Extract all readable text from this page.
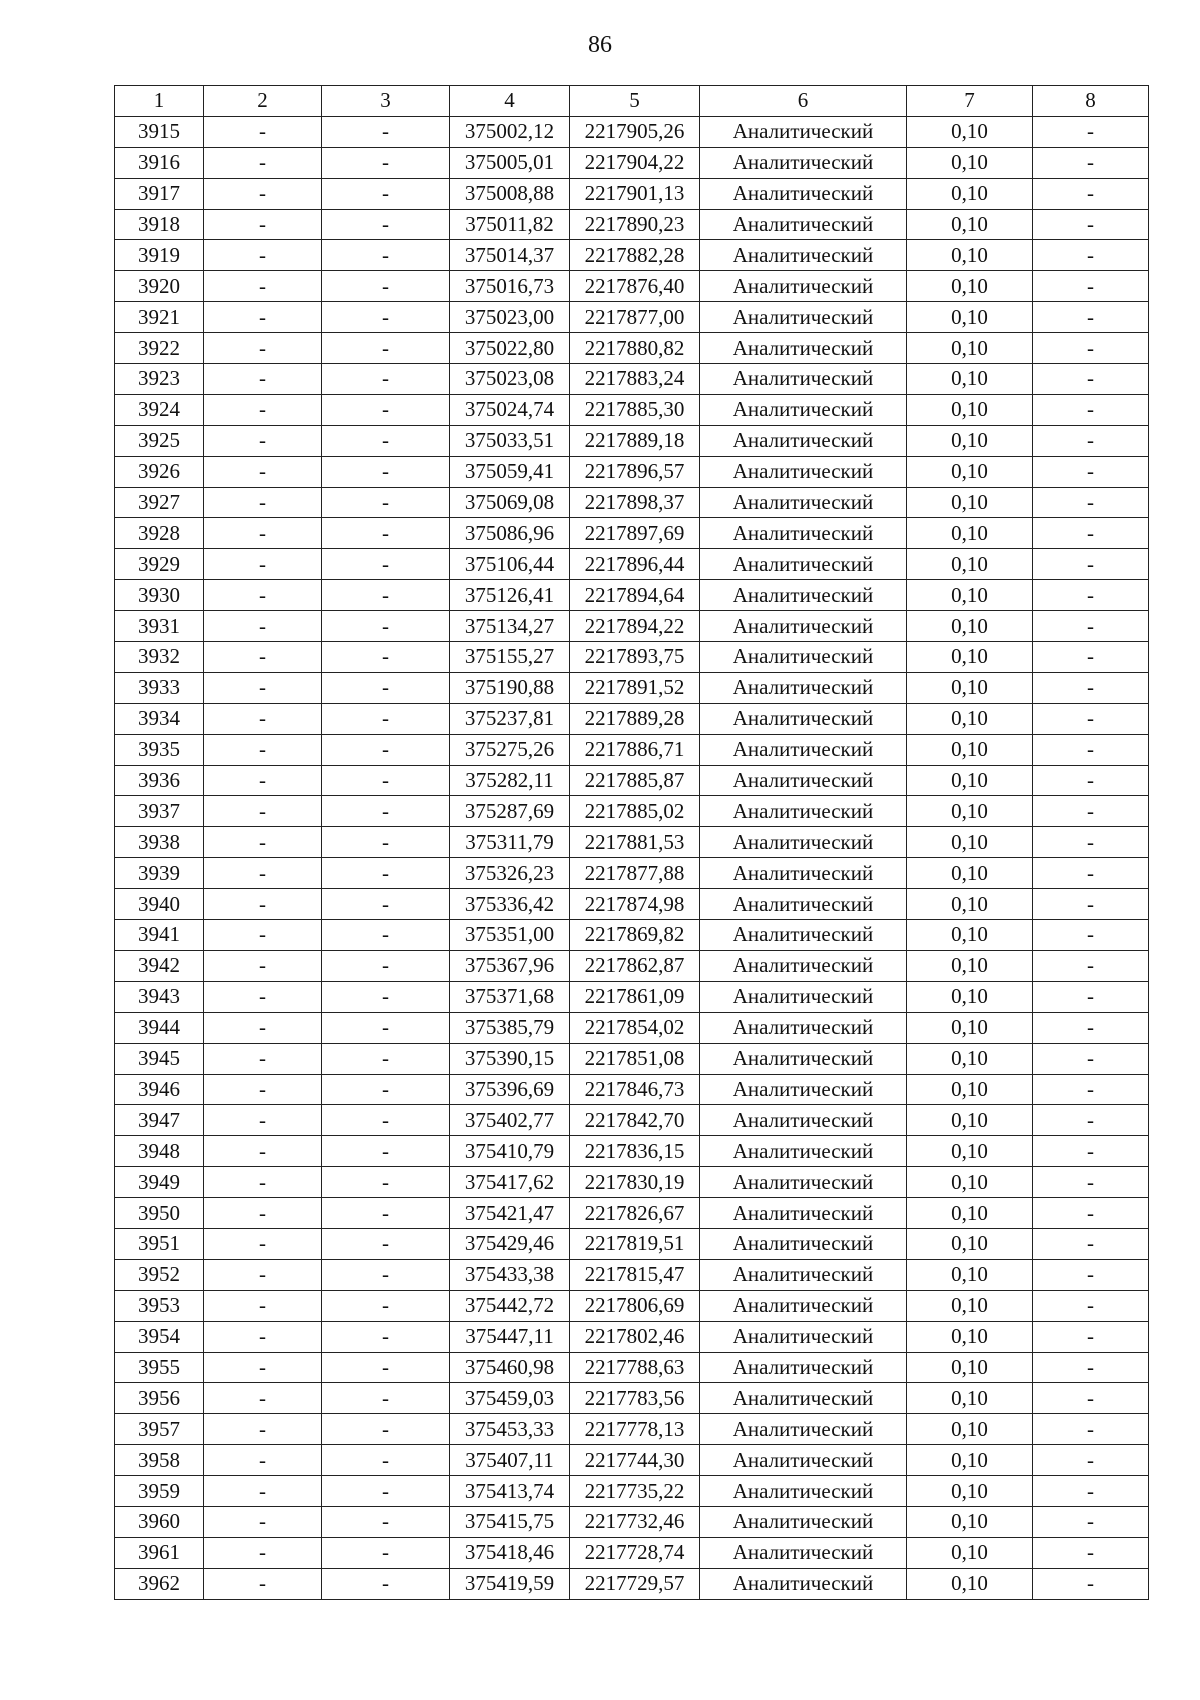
86
1	2	3	4	5	6	7	8
3915	-	-	375002,12	2217905,26	Аналитический	0,10	-
3916	-	-	375005,01	2217904,22	Аналитический	0,10	-
3917	-	-	375008,88	2217901,13	Аналитический	0,10	-
3918	-	-	375011,82	2217890,23	Аналитический	0,10	-
3919	-	-	375014,37	2217882,28	Аналитический	0,10	-
3920	-	-	375016,73	2217876,40	Аналитический	0,10	-
3921	-	-	375023,00	2217877,00	Аналитический	0,10	-
3922	-	-	375022,80	2217880,82	Аналитический	0,10	-
3923	-	-	375023,08	2217883,24	Аналитический	0,10	-
3924	-	-	375024,74	2217885,30	Аналитический	0,10	-
3925	-	-	375033,51	2217889,18	Аналитический	0,10	-
3926	-	-	375059,41	2217896,57	Аналитический	0,10	-
3927	-	-	375069,08	2217898,37	Аналитический	0,10	-
3928	-	-	375086,96	2217897,69	Аналитический	0,10	-
3929	-	-	375106,44	2217896,44	Аналитический	0,10	-
3930	-	-	375126,41	2217894,64	Аналитический	0,10	-
3931	-	-	375134,27	2217894,22	Аналитический	0,10	-
3932	-	-	375155,27	2217893,75	Аналитический	0,10	-
3933	-	-	375190,88	2217891,52	Аналитический	0,10	-
3934	-	-	375237,81	2217889,28	Аналитический	0,10	-
3935	-	-	375275,26	2217886,71	Аналитический	0,10	-
3936	-	-	375282,11	2217885,87	Аналитический	0,10	-
3937	-	-	375287,69	2217885,02	Аналитический	0,10	-
3938	-	-	375311,79	2217881,53	Аналитический	0,10	-
3939	-	-	375326,23	2217877,88	Аналитический	0,10	-
3940	-	-	375336,42	2217874,98	Аналитический	0,10	-
3941	-	-	375351,00	2217869,82	Аналитический	0,10	-
3942	-	-	375367,96	2217862,87	Аналитический	0,10	-
3943	-	-	375371,68	2217861,09	Аналитический	0,10	-
3944	-	-	375385,79	2217854,02	Аналитический	0,10	-
3945	-	-	375390,15	2217851,08	Аналитический	0,10	-
3946	-	-	375396,69	2217846,73	Аналитический	0,10	-
3947	-	-	375402,77	2217842,70	Аналитический	0,10	-
3948	-	-	375410,79	2217836,15	Аналитический	0,10	-
3949	-	-	375417,62	2217830,19	Аналитический	0,10	-
3950	-	-	375421,47	2217826,67	Аналитический	0,10	-
3951	-	-	375429,46	2217819,51	Аналитический	0,10	-
3952	-	-	375433,38	2217815,47	Аналитический	0,10	-
3953	-	-	375442,72	2217806,69	Аналитический	0,10	-
3954	-	-	375447,11	2217802,46	Аналитический	0,10	-
3955	-	-	375460,98	2217788,63	Аналитический	0,10	-
3956	-	-	375459,03	2217783,56	Аналитический	0,10	-
3957	-	-	375453,33	2217778,13	Аналитический	0,10	-
3958	-	-	375407,11	2217744,30	Аналитический	0,10	-
3959	-	-	375413,74	2217735,22	Аналитический	0,10	-
3960	-	-	375415,75	2217732,46	Аналитический	0,10	-
3961	-	-	375418,46	2217728,74	Аналитический	0,10	-
3962	-	-	375419,59	2217729,57	Аналитический	0,10	-
